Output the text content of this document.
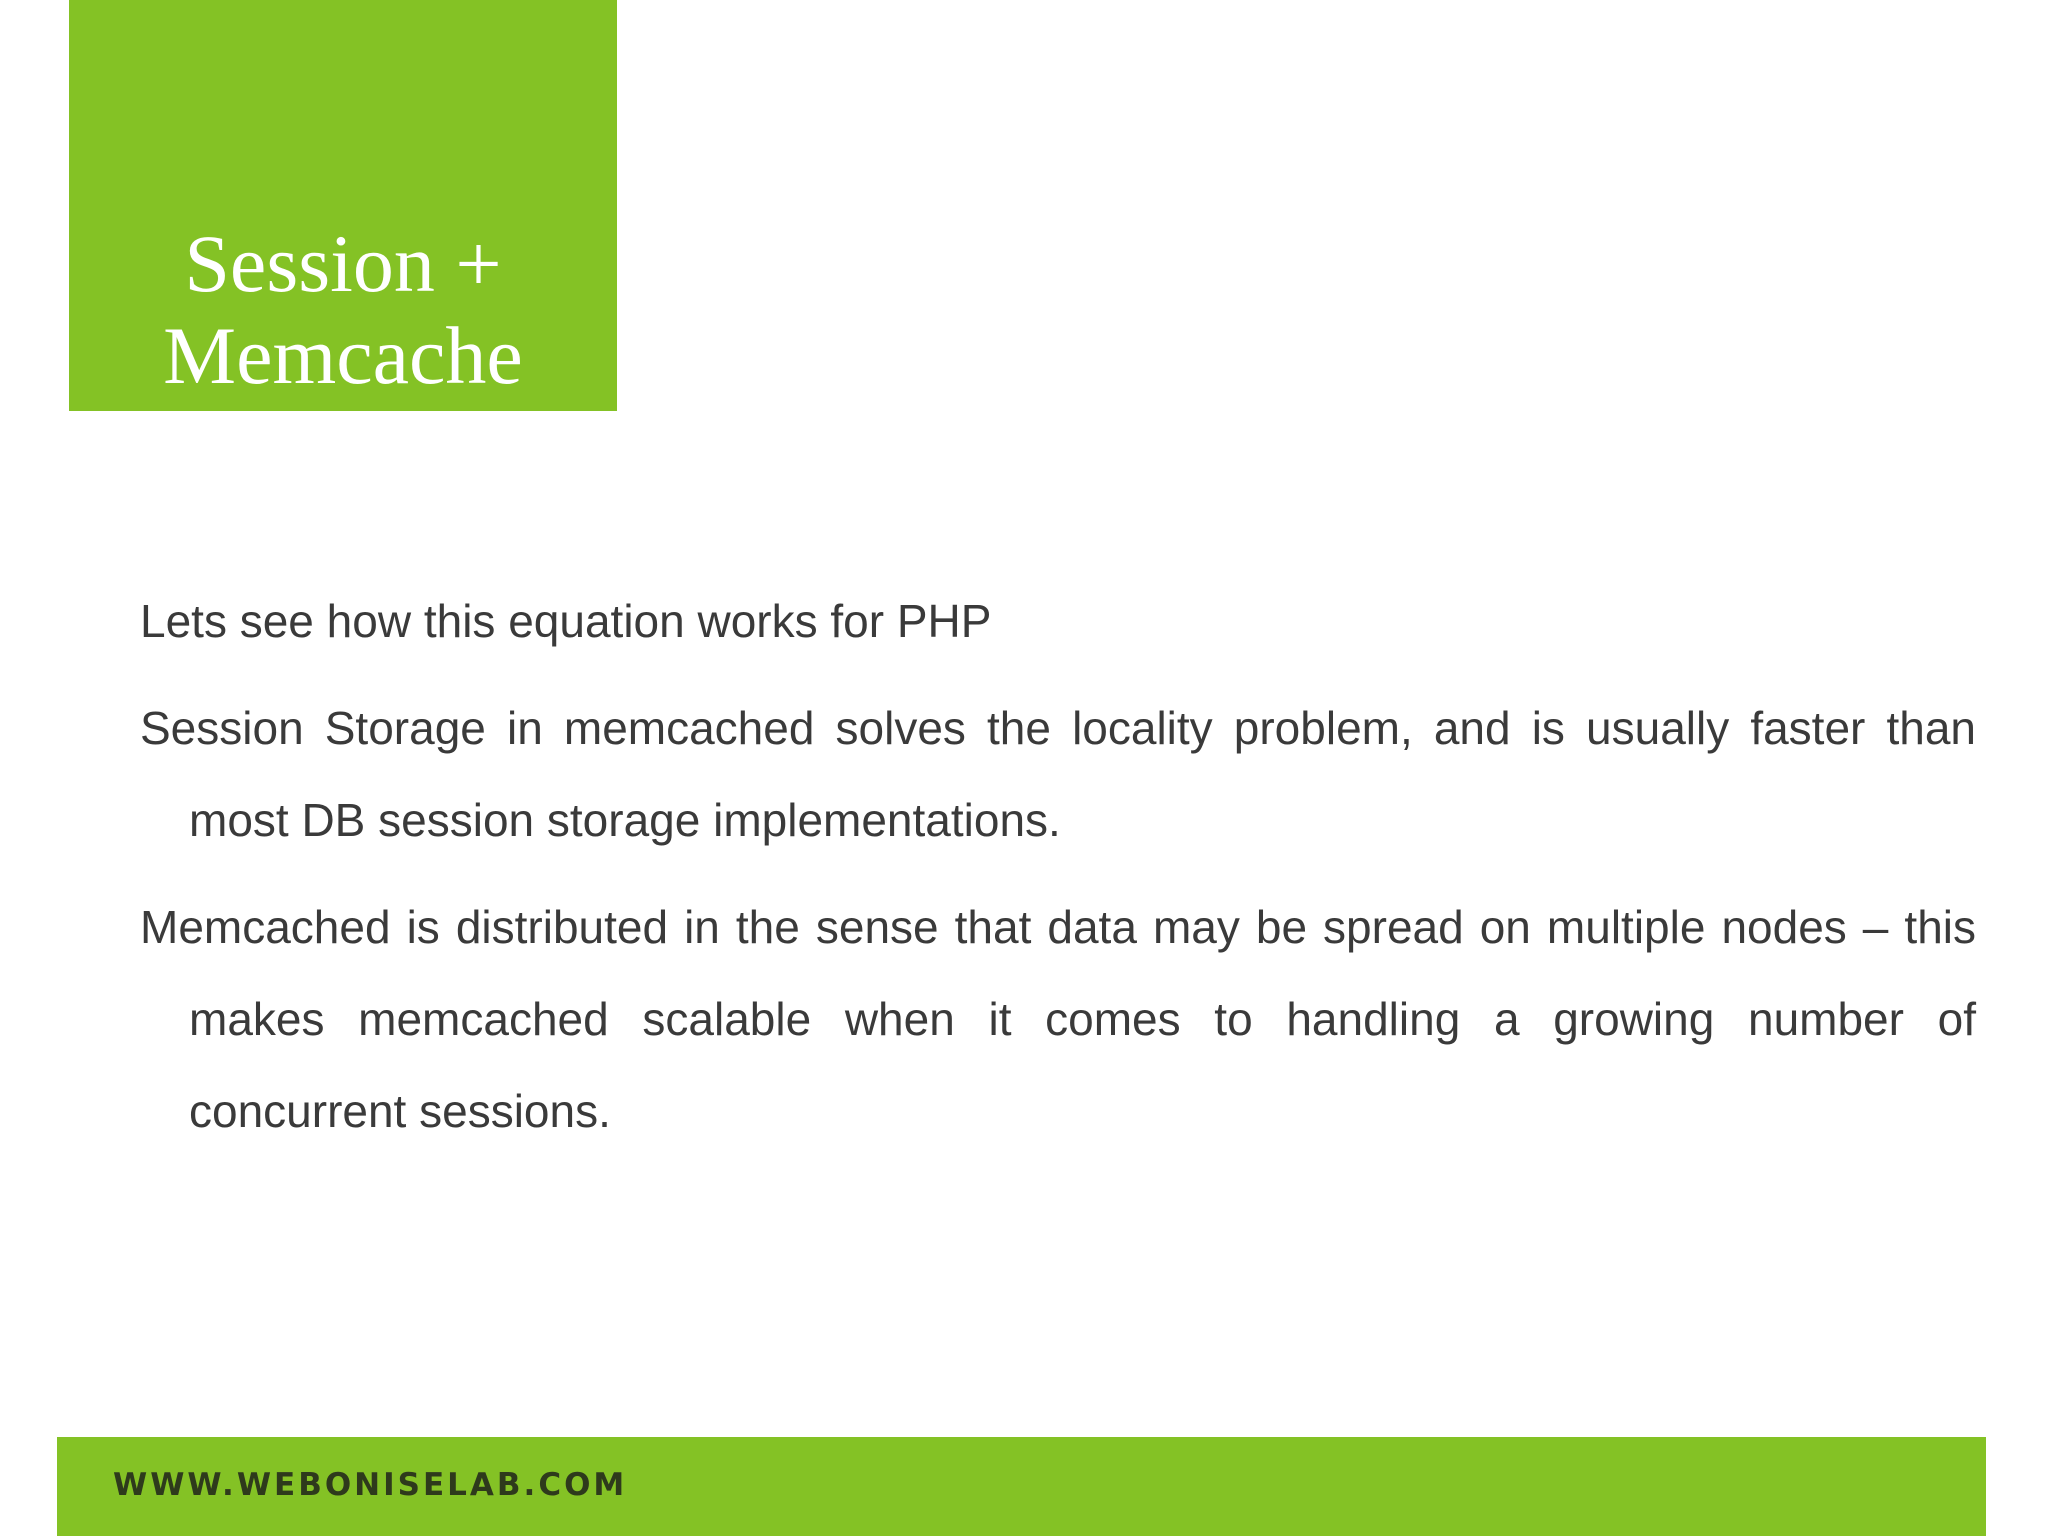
Session +
Memcache

Lets see how this equation works for PHP

Session Storage in memcached solves the locality problem, and is usually faster than most DB session storage implementations.

Memcached is distributed in the sense that data may be spread on multiple nodes – this makes memcached scalable when it comes to handling a growing number of concurrent sessions.

WWW.WEBONISELAB.COM
